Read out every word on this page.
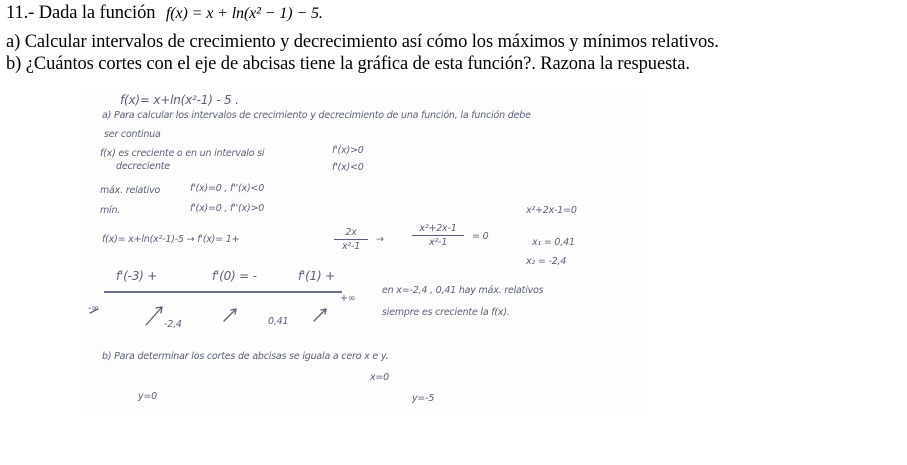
11.- Dada la función f(x) = x + ln(x² − 1) − 5.
a) Calcular intervalos de crecimiento y decrecimiento así cómo los máximos y mínimos relativos.
b) ¿Cuántos cortes con el eje de abcisas tiene la gráfica de esta función?. Razona la respuesta.
f(x)= x+ln(x²-1) - 5 .
a) Para calcular los intervalos de crecimiento y decrecimiento de una función, la función debe
ser continua
f(x) es creciente o en un intervalo si	f'(x)>0
decreciente	f'(x)<0
máx. relativo	f'(x)=0 , f''(x)<0
mín.	f'(x)=0 , f''(x)>0	x²+2x-1=0
f(x)= x+ln(x²-1)-5 → f'(x)= 1+
2x
x²-1
→
x²+2x-1
x²-1
= 0
x₁ = 0,41
x₂ = -2,4
f'(-3) +	f'(0) = -	f'(1) +
-∞
-2,4	0,41
+∞
en x=-2,4 , 0,41 hay máx. relativos
siempre es creciente la f(x).
b) Para determinar los cortes de abcisas se iguala a cero x e y.
x=0
y=0	y=-5
